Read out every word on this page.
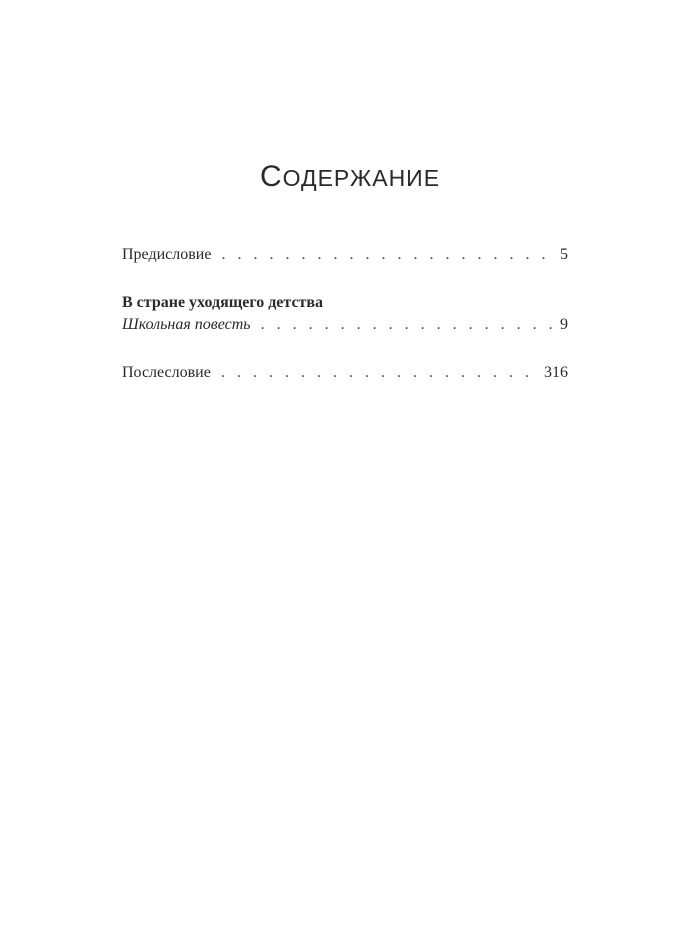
СОДЕРЖАНИЕ
Предисловие . . .	5
В стране уходящего детства
Школьная повесть . . .	9
Послесловие . . .	316
